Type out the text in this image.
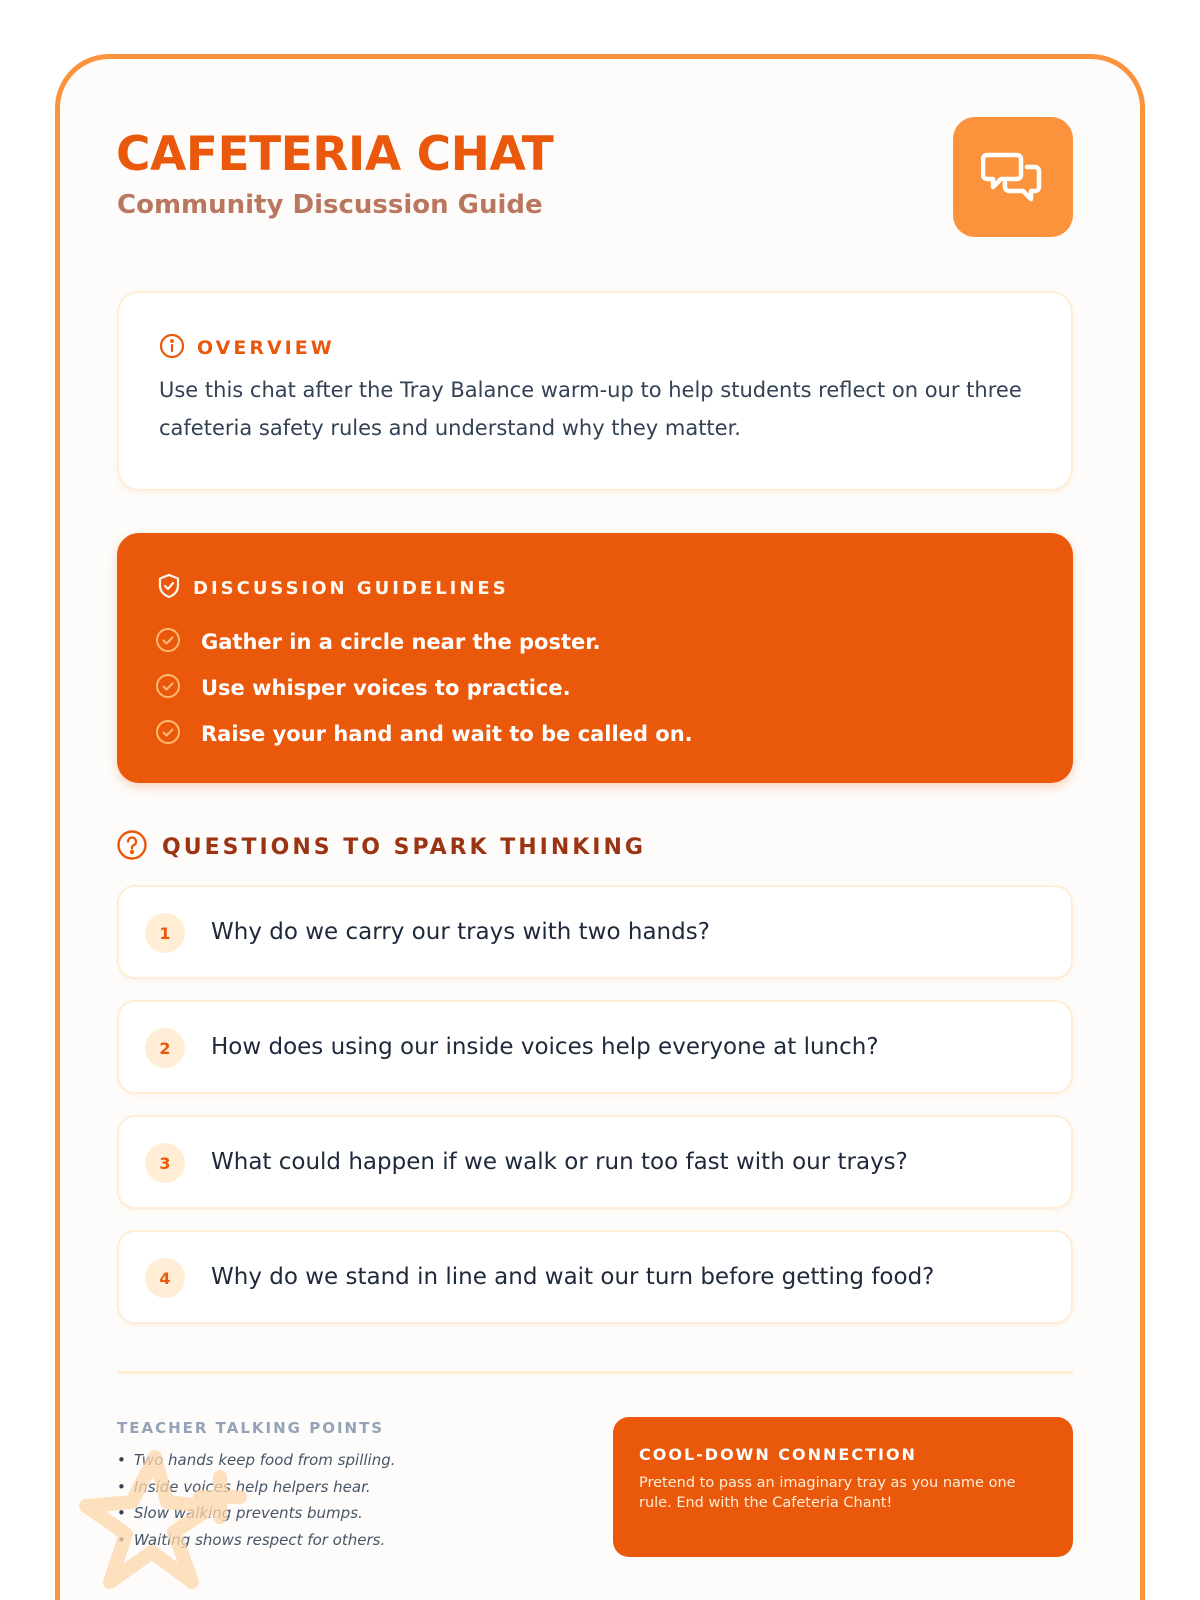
CAFETERIA CHAT
Community Discussion Guide
OVERVIEW

Use this chat after the Tray Balance warm-up to help students reflect on our three cafeteria safety rules and understand why they matter.

DISCUSSION GUIDELINES
Gather in a circle near the poster.
Use whisper voices to practice.
Raise your hand and wait to be called on.
QUESTIONS TO SPARK THINKING
1	Why do we carry our trays with two hands?
2	How does using our inside voices help everyone at lunch?
3	What could happen if we walk or run too fast with our trays?
4	Why do we stand in line and wait our turn before getting food?
TEACHER TALKING POINTS
• Two hands keep food from spilling.
• Inside voices help helpers hear.
• Slow walking prevents bumps.
• Waiting shows respect for others.
COOL-DOWN CONNECTION

Pretend to pass an imaginary tray as you name one rule. End with the Cafeteria Chant!
